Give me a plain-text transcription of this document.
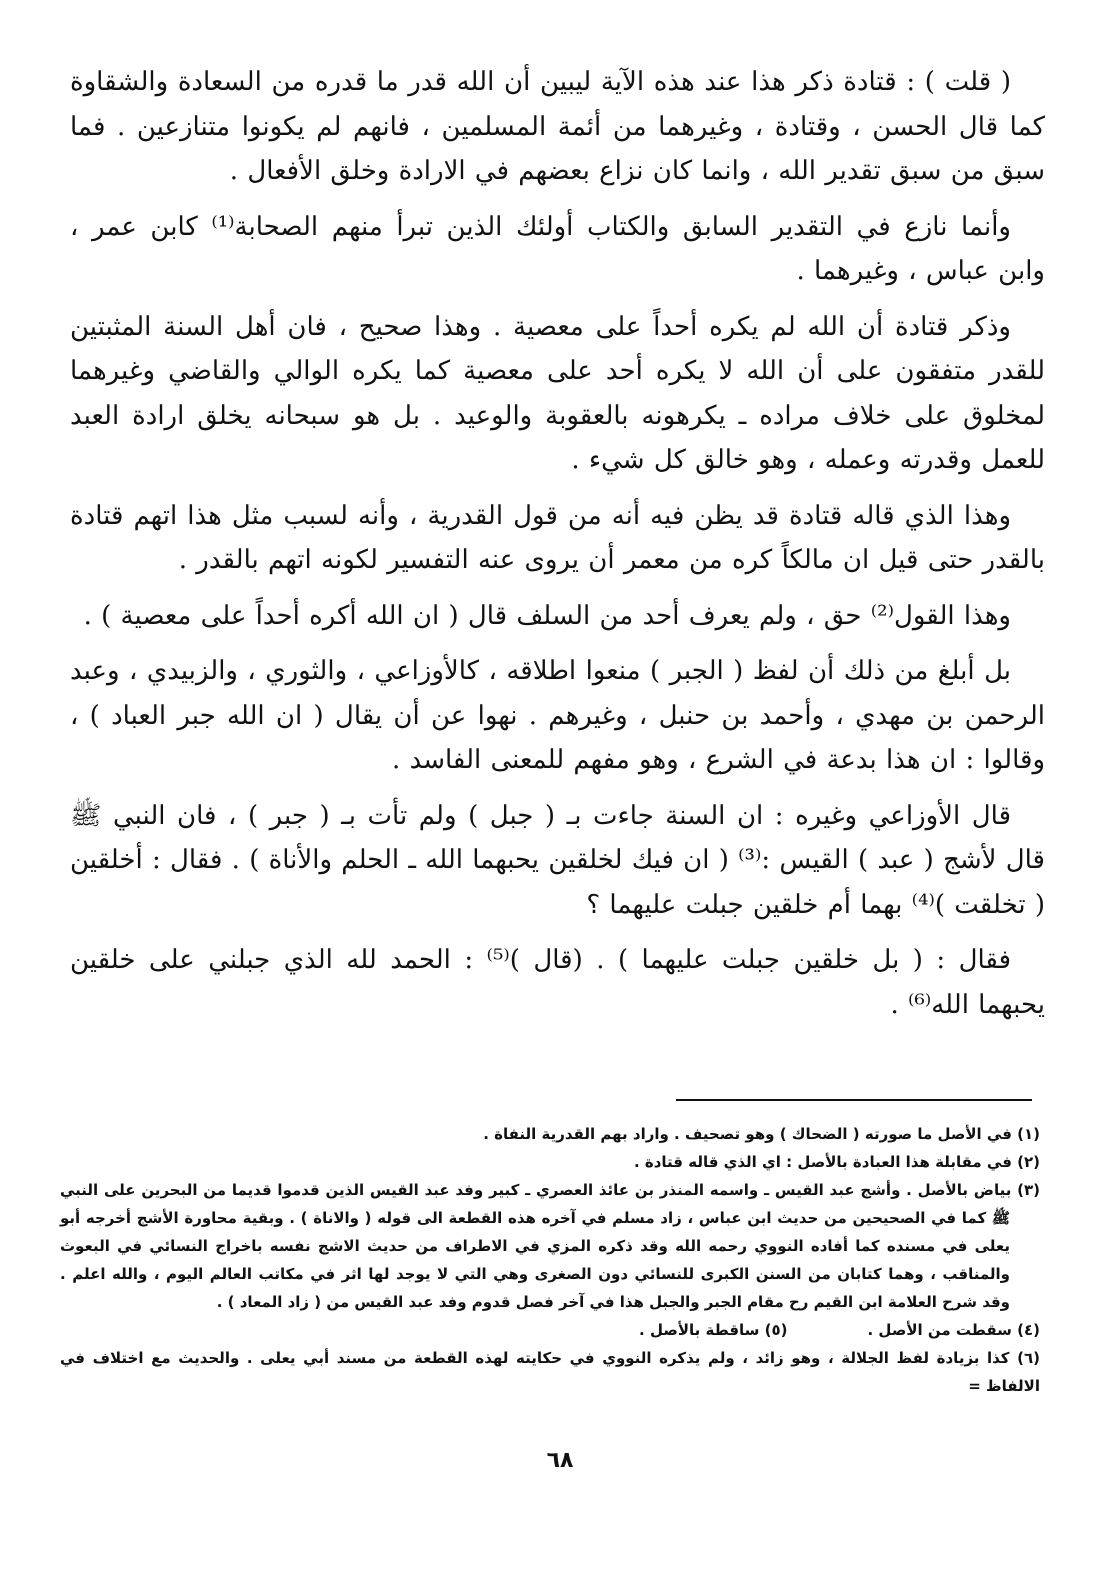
( قلت ) : قتادة ذكر هذا عند هذه الآية ليبين أن الله قدر ما قدره من السعادة والشقاوة كما قال الحسن ، وقتادة ، وغيرهما من أئمة المسلمين ، فانهم لم يكونوا متنازعين . فما سبق من سبق تقدير الله ، وانما كان نزاع بعضهم في الارادة وخلق الأفعال .

وأنما نازع في التقدير السابق والكتاب أولئك الذين تبرأ منهم الصحابة⁽¹⁾ كابن عمر ، وابن عباس ، وغيرهما .

وذكر قتادة أن الله لم يكره أحداً على معصية . وهذا صحيح ، فان أهل السنة المثبتين للقدر متفقون على أن الله لا يكره أحد على معصية كما يكره الوالي والقاضي وغيرهما لمخلوق على خلاف مراده ـ يكرهونه بالعقوبة والوعيد . بل هو سبحانه يخلق ارادة العبد للعمل وقدرته وعمله ، وهو خالق كل شيء .

وهذا الذي قاله قتادة قد يظن فيه أنه من قول القدرية ، وأنه لسبب مثل هذا اتهم قتادة بالقدر حتى قيل ان مالكاً كره من معمر أن يروى عنه التفسير لكونه اتهم بالقدر .

وهذا القول⁽²⁾ حق ، ولم يعرف أحد من السلف قال ( ان الله أكره أحداً على معصية ) .

بل أبلغ من ذلك أن لفظ ( الجبر ) منعوا اطلاقه ، كالأوزاعي ، والثوري ، والزبيدي ، وعبد الرحمن بن مهدي ، وأحمد بن حنبل ، وغيرهم . نهوا عن أن يقال ( ان الله جبر العباد ) ، وقالوا : ان هذا بدعة في الشرع ، وهو مفهم للمعنى الفاسد .

قال الأوزاعي وغيره : ان السنة جاءت بـ ( جبل ) ولم تأت بـ ( جبر ) ، فان النبي ﷺ قال لأشج ( عبد ) القيس :⁽³⁾ ( ان فيك لخلقين يحبهما الله ـ الحلم والأناة ) . فقال : أخلقين ( تخلقت )⁽⁴⁾ بهما أم خلقين جبلت عليهما ؟

فقال : ( بل خلقين جبلت عليهما ) . (قال )⁽⁵⁾ : الحمد لله الذي جبلني على خلقين يحبهما الله⁽⁶⁾ .

(١) في الأصل ما صورته ( الضحاك ) وهو تصحيف . واراد بهم القدرية النفاة .

(٢) في مقابلة هذا العبادة بالأصل : اي الذي قاله قتادة .

(٣) بياض بالأصل . وأشج عبد القيس ـ واسمه المنذر بن عائذ العصري ـ كبير وفد عبد القيس الذين قدموا قديما من البحرين على النبي ﷺ كما في الصحيحين من حديث ابن عباس ، زاد مسلم في آخره هذه القطعة الى قوله ( والاناة ) . وبقية محاورة الأشج أخرجه أبو يعلى في مسنده كما أفاده النووي رحمه الله وقد ذكره المزي في الاطراف من حديث الاشج نفسه باخراج النسائي في البعوث والمناقب ، وهما كتابان من السنن الكبرى للنسائي دون الصغرى وهي التي لا يوجد لها اثر في مكاتب العالم اليوم ، والله اعلم . وقد شرح العلامة ابن القيم رح مقام الجبر والجبل هذا في آخر فصل قدوم وفد عبد القيس من ( زاد المعاد ) .

(٤) سقطت من الأصل .

(٥) ساقطة بالأصل .

(٦) كذا بزيادة لفظ الجلالة ، وهو زائد ، ولم يذكره النووي في حكايته لهذه القطعة من مسند أبي يعلى . والحديث مع اختلاف في الالفاظ =

٦٨
